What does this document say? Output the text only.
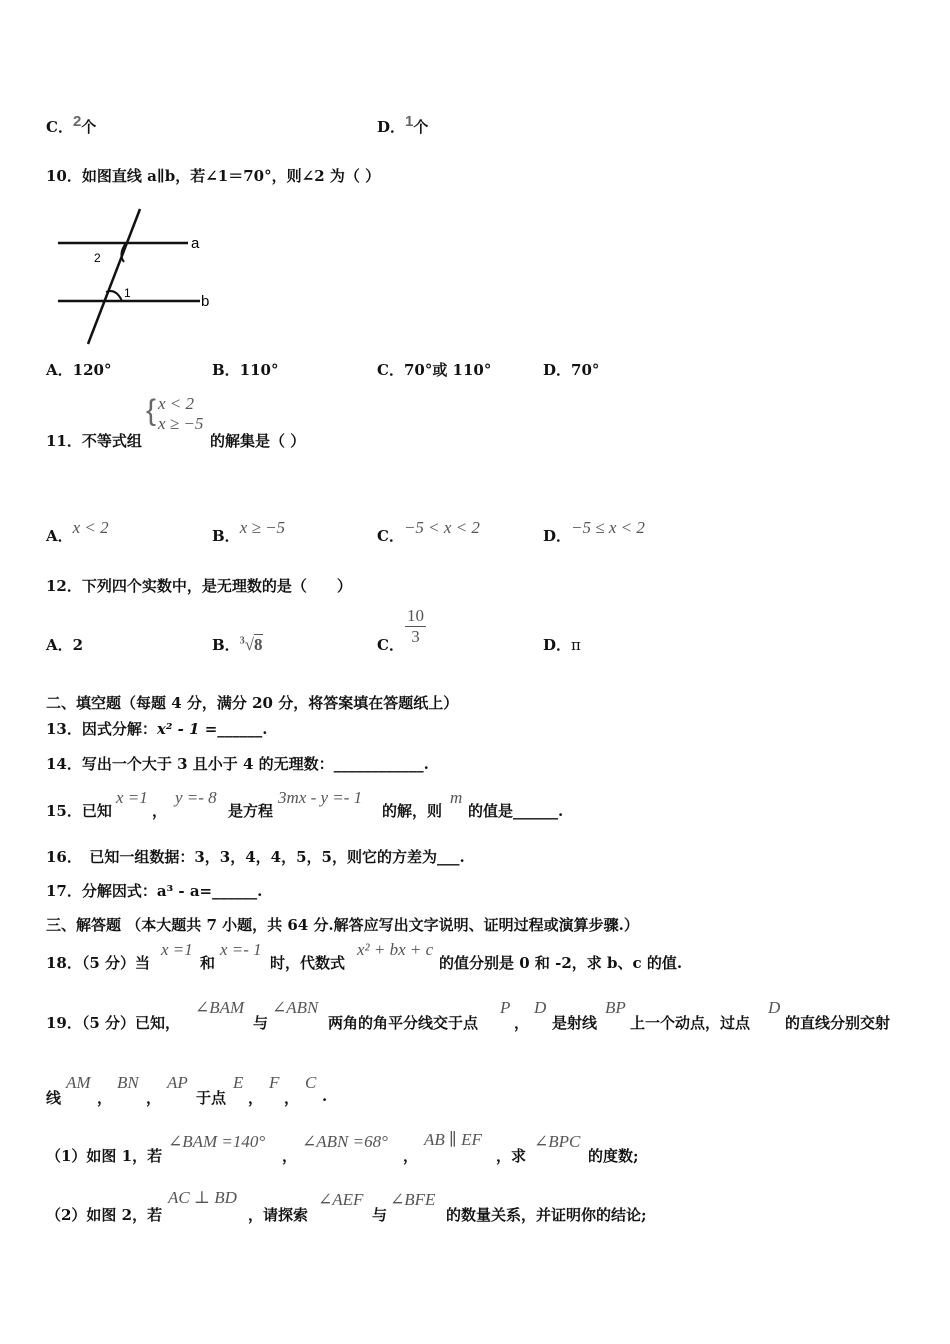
C．2个	D．1个
10．如图直线 a∥b，若∠1＝70°，则∠2 为（ ）
a
b
2
1
A．120°	B．110°	C．70°或 110°	D．70°
11．不等式组
{ x < 2
x ≥ −5
的解集是（ ）
A．x < 2	B．x ≥ −5	C．−5 < x < 2	D．−5 ≤ x < 2
12．下列四个实数中，是无理数的是（　　）
A．2	B．$^3$√8	C． $\frac{10}{3}$	D．π
二、填空题（每题 4 分，满分 20 分，将答案填在答题纸上）
13．因式分解：x² - 1 =______.
14．写出一个大于 3 且小于 4 的无理数：____________.
15．已知
x =1
，
y =- 8
是方程
3mx - y =- 1
的解，则
m
的值是______.
16．　已知一组数据：3，3，4，4，5，5，则它的方差为___.
17．分解因式：a³ - a=______.
三、解答题 （本大题共 7 小题，共 64 分.解答应写出文字说明、证明过程或演算步骤.）
18．（5 分）当
x =1
和
x =- 1
时，代数式
x² + bx + c
的值分别是 0 和 -2，求 b、c 的值.
19．（5 分）已知，
∠BAM
与
∠ABN
两角的角平分线交于点
P
，
D
是射线
BP
上一个动点，过点
D
的直线分别交射
线
AM
，
BN
，
AP
于点
E
，
F
，
C
.
（1）如图 1，若
∠BAM =140°
，
∠ABN =68°
，
AB ∥ EF
，求
∠BPC
的度数;
（2）如图 2，若
AC ⊥ BD
，请探索
∠AEF
与
∠BFE
的数量关系，并证明你的结论;
